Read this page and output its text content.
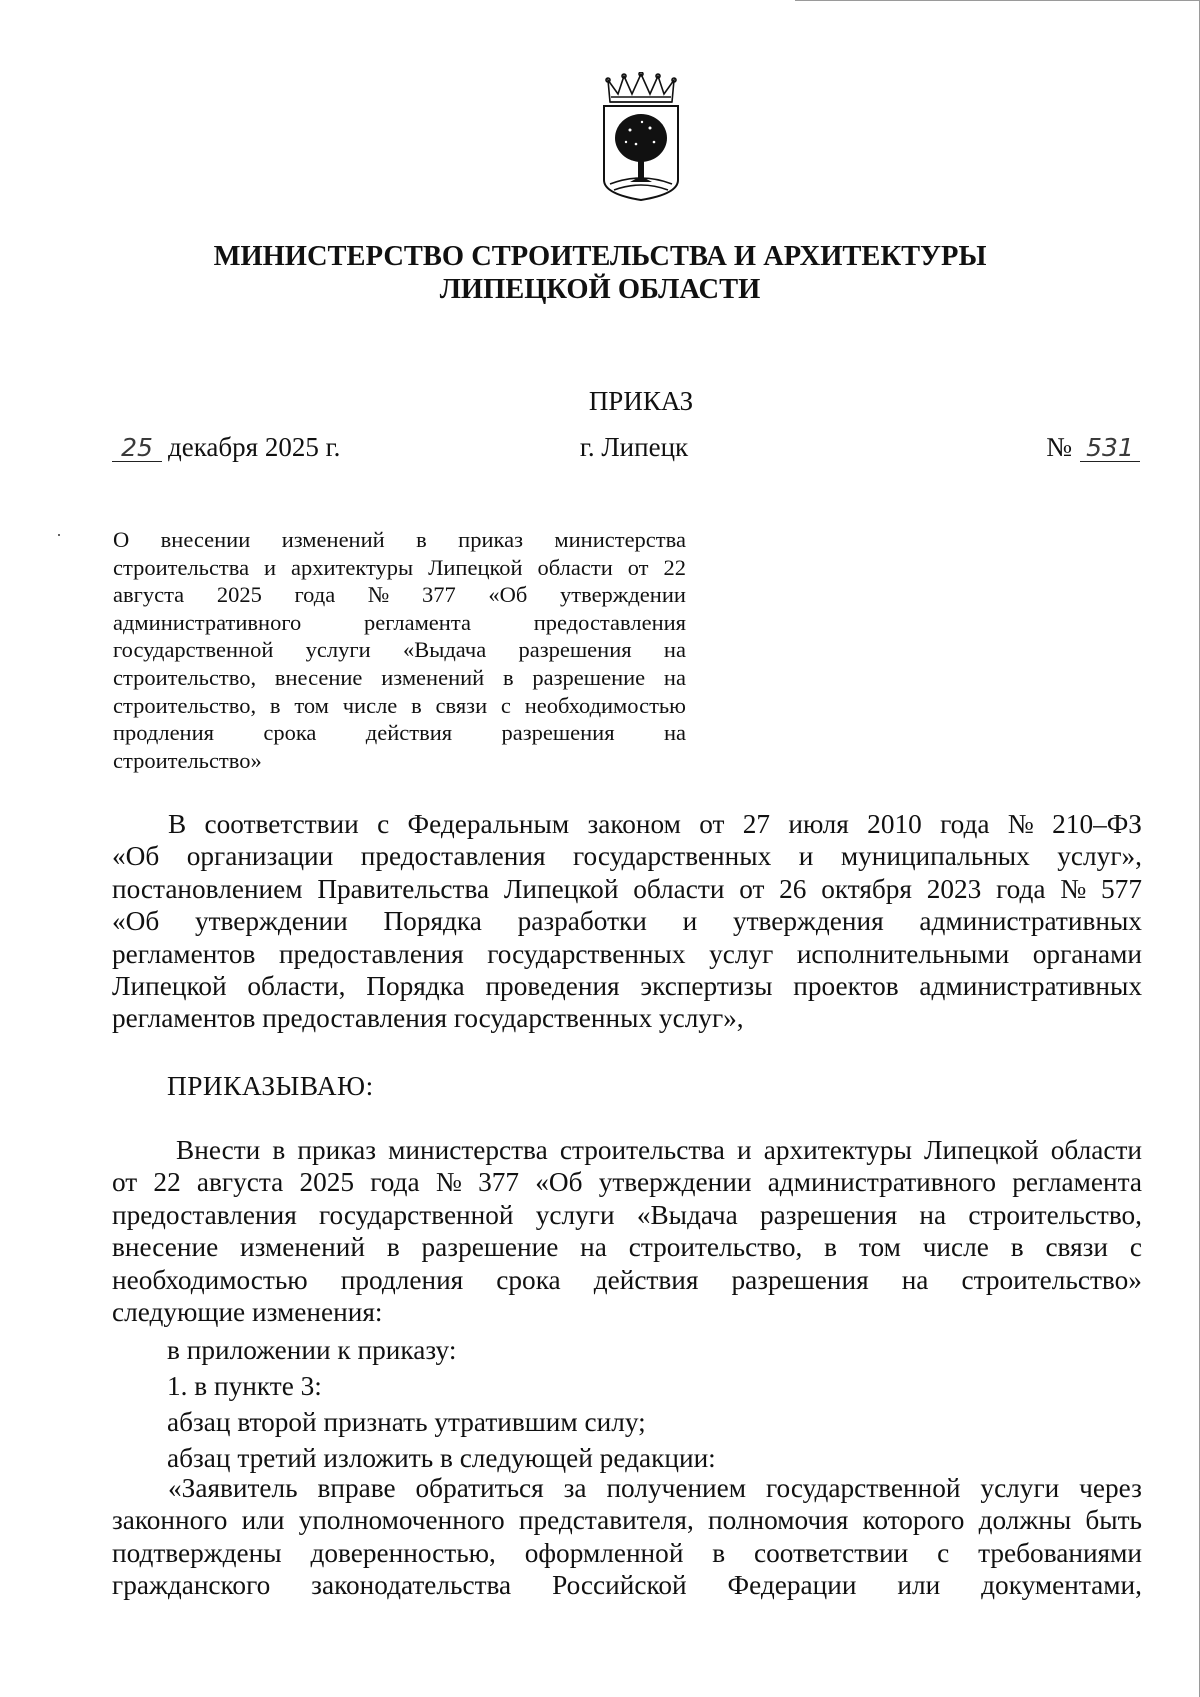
МИНИСТЕРСТВО СТРОИТЕЛЬСТВА И АРХИТЕКТУРЫ
ЛИПЕЦКОЙ ОБЛАСТИ
ПРИКАЗ
25 декабря 2025 г.	г. Липецк	№ 531
О внесении изменений в приказ министерства
строительства и архитектуры Липецкой области от 22
августа 2025 года № 377 «Об утверждении
административного	регламента	предоставления
государственной услуги «Выдача разрешения на
строительство, внесение изменений в разрешение на
строительство, в том числе в связи с необходимостью
продления срока действия разрешения на
строительство»
В соответствии с Федеральным законом от 27 июля 2010 года № 210–ФЗ
«Об организации предоставления государственных и муниципальных услуг»,
постановлением Правительства Липецкой области от 26 октября 2023 года № 577
«Об утверждении Порядка разработки и утверждения административных
регламентов предоставления государственных услуг исполнительными органами
Липецкой области, Порядка проведения экспертизы проектов административных
регламентов предоставления государственных услуг»,
ПРИКАЗЫВАЮ:
Внести в приказ министерства строительства и архитектуры Липецкой области
от 22 августа 2025 года № 377 «Об утверждении административного регламента
предоставления государственной услуги «Выдача разрешения на строительство,
внесение изменений в разрешение на строительство, в том числе в связи с
необходимостью продления срока действия разрешения на строительство»
следующие изменения:
в приложении к приказу:
1. в пункте 3:
абзац второй признать утратившим силу;
абзац третий изложить в следующей редакции:
«Заявитель вправе обратиться за получением государственной услуги через
законного или уполномоченного представителя, полномочия которого должны быть
подтверждены доверенностью, оформленной в соответствии с требованиями
гражданского законодательства Российской Федерации или документами,
